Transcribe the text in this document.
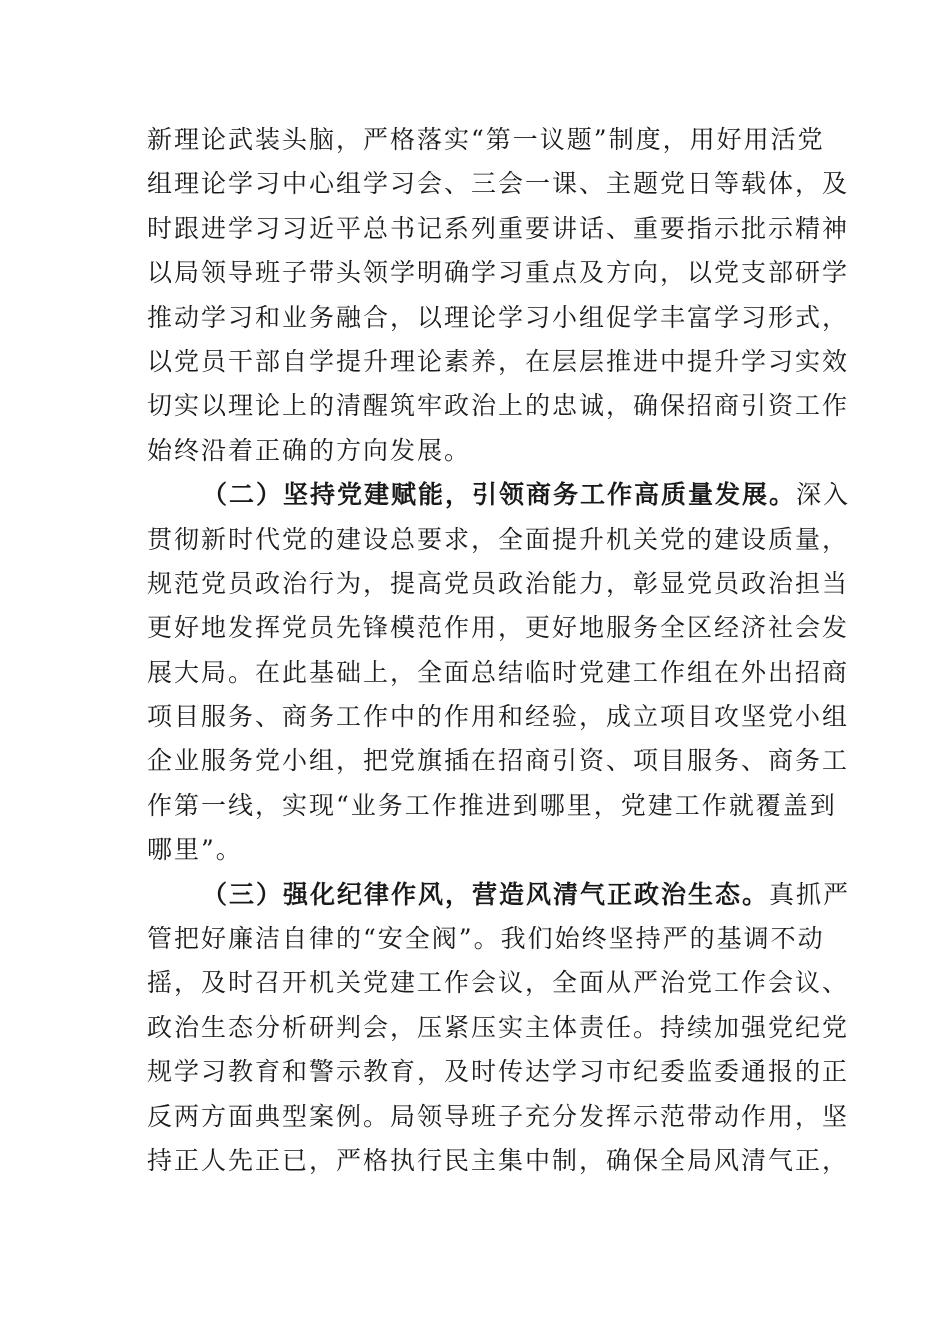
新理论武装头脑，严格落实“第一议题”制度，用好用活党
组理论学习中心组学习会、三会一课、主题党日等载体，及
时跟进学习习近平总书记系列重要讲话、重要指示批示精神
以局领导班子带头领学明确学习重点及方向，以党支部研学
推动学习和业务融合，以理论学习小组促学丰富学习形式，
以党员干部自学提升理论素养，在层层推进中提升学习实效
切实以理论上的清醒筑牢政治上的忠诚，确保招商引资工作
始终沿着正确的方向发展。
（二）坚持党建赋能，引领商务工作高质量发展。深入
贯彻新时代党的建设总要求，全面提升机关党的建设质量，
规范党员政治行为，提高党员政治能力，彰显党员政治担当
更好地发挥党员先锋模范作用，更好地服务全区经济社会发
展大局。在此基础上，全面总结临时党建工作组在外出招商
项目服务、商务工作中的作用和经验，成立项目攻坚党小组
企业服务党小组，把党旗插在招商引资、项目服务、商务工
作第一线，实现“业务工作推进到哪里，党建工作就覆盖到
哪里”。
（三）强化纪律作风，营造风清气正政治生态。真抓严
管把好廉洁自律的“安全阀”。我们始终坚持严的基调不动
摇，及时召开机关党建工作会议，全面从严治党工作会议、
政治生态分析研判会，压紧压实主体责任。持续加强党纪党
规学习教育和警示教育，及时传达学习市纪委监委通报的正
反两方面典型案例。局领导班子充分发挥示范带动作用，坚
持正人先正已，严格执行民主集中制，确保全局风清气正，
